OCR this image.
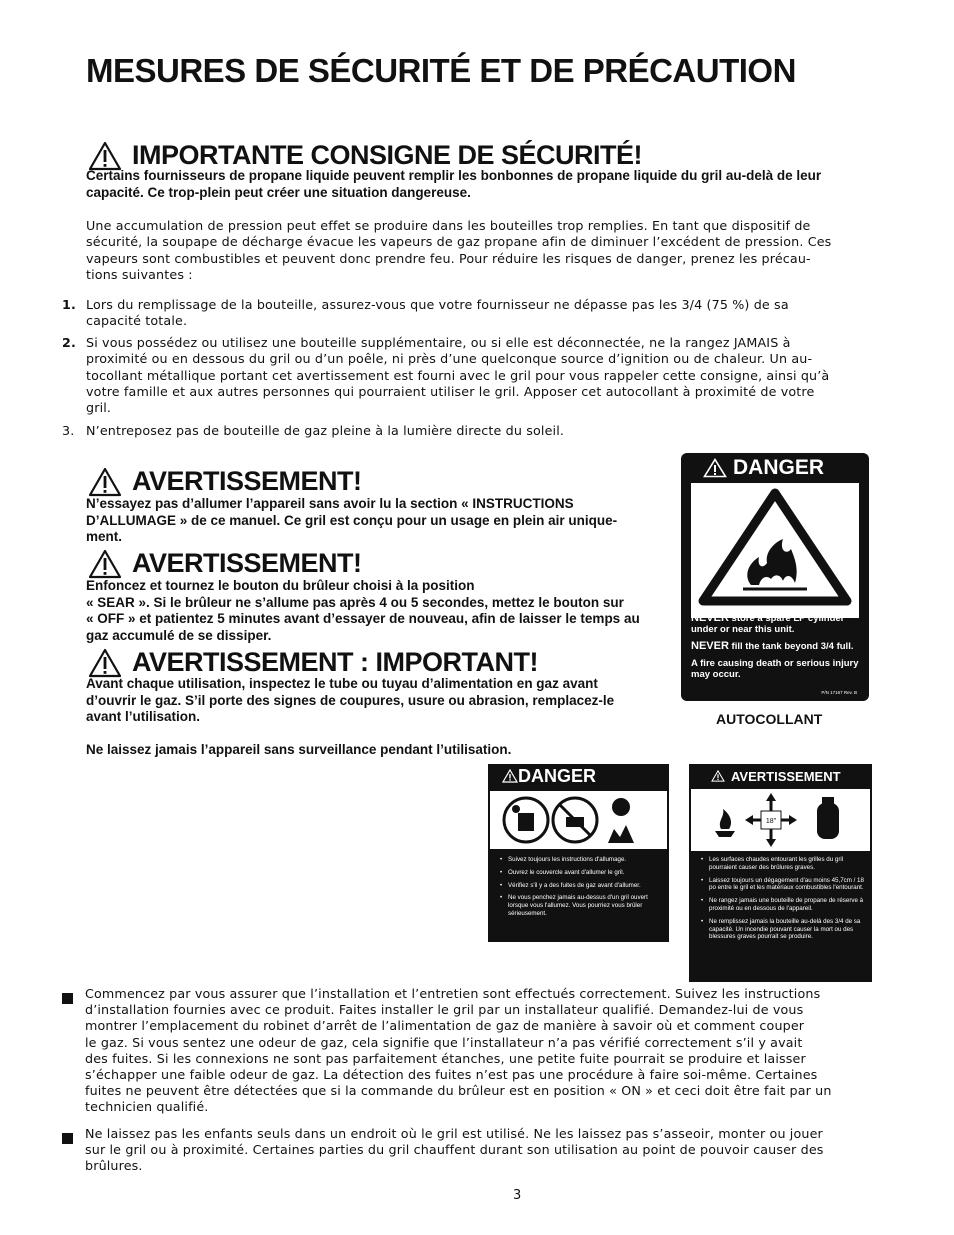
MESURES DE SÉCURITÉ ET DE PRÉCAUTION
IMPORTANTE CONSIGNE DE SÉCURITÉ!
Certains fournisseurs de propane liquide peuvent remplir les bonbonnes de propane liquide du gril au-delà de leur
capacité. Ce trop-plein peut créer une situation dangereuse.
Une accumulation de pression peut effet se produire dans les bouteilles trop remplies. En tant que dispositif de
sécurité, la soupape de décharge évacue les vapeurs de gaz propane afin de diminuer l’excédent de pression. Ces
vapeurs sont combustibles et peuvent donc prendre feu. Pour réduire les risques de danger, prenez les précau-
tions suivantes :
1. Lors du remplissage de la bouteille, assurez-vous que votre fournisseur ne dépasse pas les 3/4 (75 %) de sa
capacité totale.
2. Si vous possédez ou utilisez une bouteille supplémentaire, ou si elle est déconnectée, ne la rangez JAMAIS à
proximité ou en dessous du gril ou d’un poêle, ni près d’une quelconque source d’ignition ou de chaleur. Un au-
tocollant métallique portant cet avertissement est fourni avec le gril pour vous rappeler cette consigne, ainsi qu’à
votre famille et aux autres personnes qui pourraient utiliser le gril. Apposer cet autocollant à proximité de votre
gril.
3. N’entreposez pas de bouteille de gaz pleine à la lumière directe du soleil.
AVERTISSEMENT!
N’essayez pas d’allumer l’appareil sans avoir lu la section « INSTRUCTIONS
D’ALLUMAGE » de ce manuel. Ce gril est conçu pour un usage en plein air unique-
ment.
AVERTISSEMENT!
Enfoncez et tournez le bouton du brûleur choisi à la position
« SEAR ». Si le brûleur ne s’allume pas après 4 ou 5 secondes, mettez le bouton sur
« OFF » et patientez 5 minutes avant d’essayer de nouveau, afin de laisser le temps au
gaz accumulé de se dissiper.
AVERTISSEMENT : IMPORTANT!
Avant chaque utilisation, inspectez le tube ou tuyau d’alimentation en gaz avant
d’ouvrir le gaz. S’il porte des signes de coupures, usure ou abrasion, remplacez-le
avant l’utilisation.
Ne laissez jamais l’appareil sans surveillance pendant l’utilisation.
DANGER
NEVER store a spare LP cylinder under or near this unit.
NEVER fill the tank beyond 3/4 full.
A fire causing death or serious injury may occur.
P/N 17167 Rev. B
AUTOCOLLANT
DANGER
• Suivez toujours les instructions d'allumage.
• Ouvrez le couvercle avant d'allumer le gril.
• Vérifiez s'il y a des fuites de gaz avant d'allumer.
• Ne vous penchez jamais au-dessus d'un gril ouvert lorsque vous l'allumez. Vous pourriez vous brûler sérieusement.
AVERTISSEMENT
18"
• Les surfaces chaudes entourant les grilles du gril pourraient causer des brûlures graves.
• Laissez toujours un dégagement d'au moins 45,7cm / 18 po entre le gril et les matériaux combustibles l'entourant.
• Ne rangez jamais une bouteille de propane de réserve à proximité ou en dessous de l'appareil.
• Ne remplissez jamais la bouteille au-delà des 3/4 de sa capacité. Un incendie pouvant causer la mort ou des blessures graves pourrait se produire.
Commencez par vous assurer que l’installation et l’entretien sont effectués correctement. Suivez les instructions
d’installation fournies avec ce produit. Faites installer le gril par un installateur qualifié. Demandez-lui de vous
montrer l’emplacement du robinet d’arrêt de l’alimentation de gaz de manière à savoir où et comment couper
le gaz. Si vous sentez une odeur de gaz, cela signifie que l’installateur n’a pas vérifié correctement s’il y avait
des fuites. Si les connexions ne sont pas parfaitement étanches, une petite fuite pourrait se produire et laisser
s’échapper une faible odeur de gaz. La détection des fuites n’est pas une procédure à faire soi-même. Certaines
fuites ne peuvent être détectées que si la commande du brûleur est en position « ON » et ceci doit être fait par un
technicien qualifié.
Ne laissez pas les enfants seuls dans un endroit où le gril est utilisé. Ne les laissez pas s’asseoir, monter ou jouer
sur le gril ou à proximité. Certaines parties du gril chauffent durant son utilisation au point de pouvoir causer des
brûlures.
3
